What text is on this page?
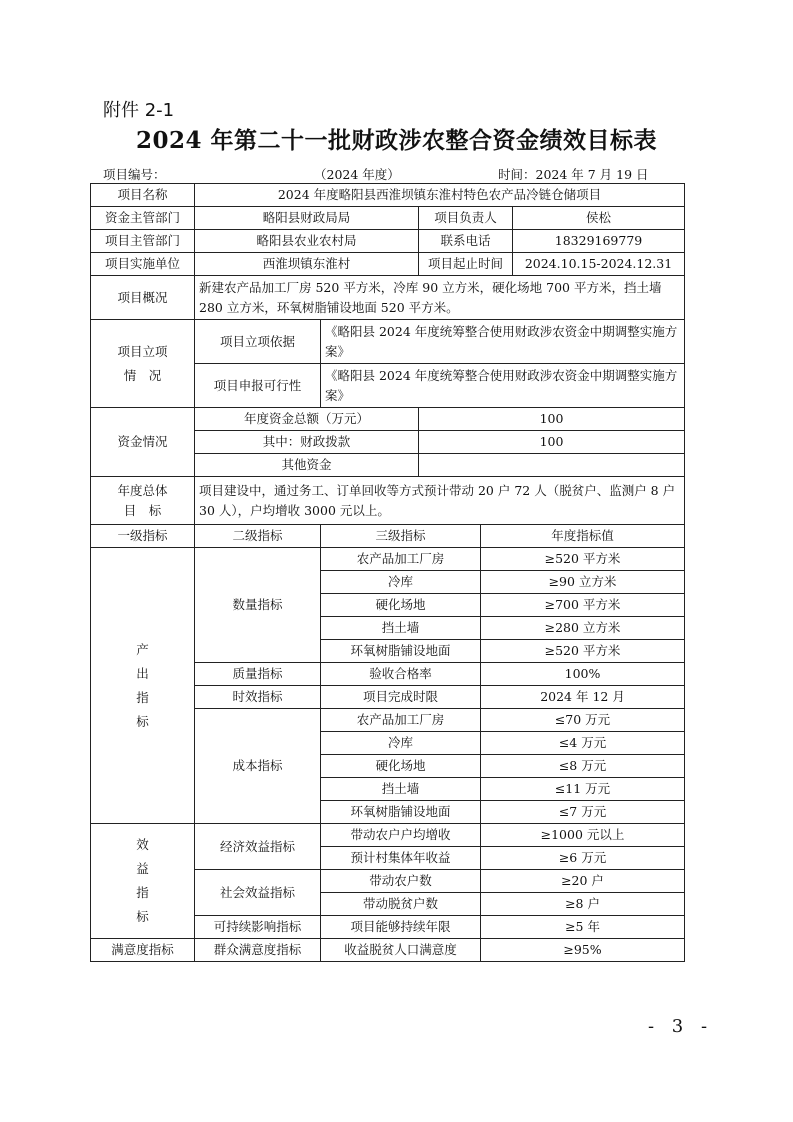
附件 2-1
2024 年第二十一批财政涉农整合资金绩效目标表
项目编号：	（2024 年度）	时间：2024 年 7 月 19 日
项目名称	2024 年度略阳县西淮坝镇东淮村特色农产品冷链仓储项目				
资金主管部门	略阳县财政局局		项目负责人		侯松
项目主管部门	略阳县农业农村局		联系电话		18329169779
项目实施单位	西淮坝镇东淮村		项目起止时间		2024.10.15-2024.12.31
项目概况	新建农产品加工厂房 520 平方米，冷库 90 立方米，硬化场地 700 平方米，挡土墙 280 立方米，环氧树脂铺设地面 520 平方米。				

项目立项
情　况	项目立项依据	《略阳县 2024 年度统筹整合使用财政涉农资金中期调整实施方案》			
	项目申报可行性	《略阳县 2024 年度统筹整合使用财政涉农资金中期调整实施方案》			
资金情况	年度资金总额（万元）		100		
	其中：财政拨款		100		
	其他资金				

年度总体
目　标	项目建设中，通过务工、订单回收等方式预计带动 20 户 72 人（脱贫户、监测户 8 户 30 人），户均增收 3000 元以上。				
一级指标	二级指标	三级指标		年度指标值	

产
出
指
标	数量指标	农产品加工厂房		≥520 平方米	
		冷库		≥90 立方米	
		硬化场地		≥700 平方米	
		挡土墙		≥280 立方米	
		环氧树脂铺设地面		≥520 平方米	
	质量指标	验收合格率		100%	
	时效指标	项目完成时限		2024 年 12 月	
	成本指标	农产品加工厂房		≤70 万元	
		冷库		≤4 万元	
		硬化场地		≤8 万元	
		挡土墙		≤11 万元	
		环氧树脂铺设地面		≤7 万元	

效
益
指
标	经济效益指标	带动农户户均增收		≥1000 元以上	
		预计村集体年收益		≥6 万元	
	社会效益指标	带动农户数		≥20 户	
		带动脱贫户数		≥8 户	
	可持续影响指标	项目能够持续年限		≥5 年	
满意度指标	群众满意度指标	收益脱贫人口满意度		≥95%	
- 3 -
